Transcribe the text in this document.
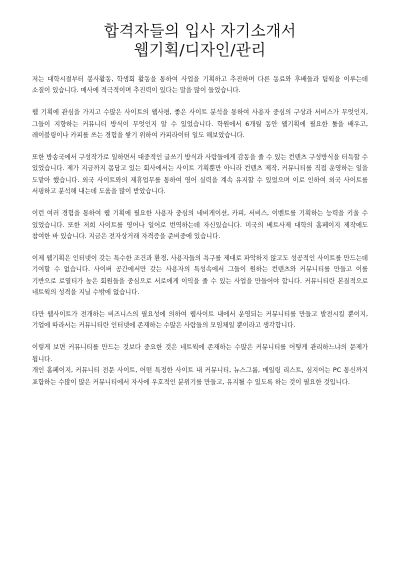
합격자들의 입사 자기소개서
웹기획/디자인/관리

저는 대학시절부터 봉사활동, 학생회 활동을 통하여 사업을 기획하고 추진하며 다른 동료와 후배들과 팀웍을 이루는데 소질이 있습니다. 매사에 적극적이며 추진력이 있다는 말을 많이 들었습니다.

웹 기획에 관심을 가지고 수많은 사이트의 웹사평, 좋은 사이트 분석을 통하여 사용자 중심의 구상과 서비스가 무엇인지, 그들이 지향하는 커뮤니티 방식이 무엇인지 알 수 있었습니다. 학원에서 6개월 동안 웹기획에 필요한 툴을 배우고, 레이블링이나 카피를 쓰는 경험을 쌓기 위하여 카피라이터 일도 해보았습니다.

또한 방송국에서 구성작가로 일하면서 대중적인 글쓰기 방식과 사람들에게 감동을 줄 수 있는 컨텐츠 구성방식을 터득할 수 있었습니다. 제가 지금까지 몸담고 있는 회사에서는 사이트 기획뿐만 아니라 컨텐츠 제작, 커뮤니티를 직접 운영하는 일을 도맡아 했습니다. 외국 사이트와의 제휴업무를 통하여 영어 실력을 계속 유지할 수 있었으며 이로 인하여 외국 사이트를 서핑하고 분석해 내는데 도움을 많이 받았습니다.

이런 여러 경험을 통하여 웹 기획에 필요한 사용자 중심의 네비게이션, 카피, 서비스, 이벤트를 기획하는 능력을 키울 수 있었습니다. 또한 저희 사이트를 영어나 일어로 번역하는데 자신있습니다. 미국의 베트사제 대학의 홈페이지 제작에도 참여한 바 있습니다. 지금은 전자상거래 자격증을 준비중에 있습니다.

이제 웹기획은 인터넷이 갖는 특수한 조건과 환경, 사용자들의 욕구를 제대로 파악하지 않고도 성공적인 사이트를 만드는데 기여할 수 없습니다. 사이버 공간에서만 갖는 사용자의 특성속에서 그들이 원하는 컨텐츠와 커뮤니티를 만들고 이를 기반으로 로열티가 높은 회원들을 중심으로 서로에게 이익을 줄 수 있는 사업을 만들어야 합니다. 커뮤니티란 본질적으로 네트웍의 성격을 지닐 수밖에 없습니다.

다만 웹사이트가 전개하는 비즈니스의 필요성에 의하여 웹사이트 내에서 운영되는 커뮤니티를 만들고 발전시킬 뿐이지, 기업에 따라서는 커뮤니티란 인터넷에 존재하는 수많은 사람들의 모임체일 뿐이라고 생각합니다.

이렇게 보면 커뮤니티를 만드는 것보다 중요한 것은 네트웍에 존재하는 수많은 커뮤니티를 어떻게 관리하느냐의 문제가 됩니다.
개인 홈페이지, 커뮤니티 전문 사이트, 어떤 특정한 사이트 내 커뮤니티, 뉴스그룹, 메일링 리스트, 심지어는 PC 통신까지 포함하는 수많이 많은 커뮤니티에서 자사에 우호적인 분위기를 만들고, 유지될 수 있도록 하는 것이 필요한 것입니다.
